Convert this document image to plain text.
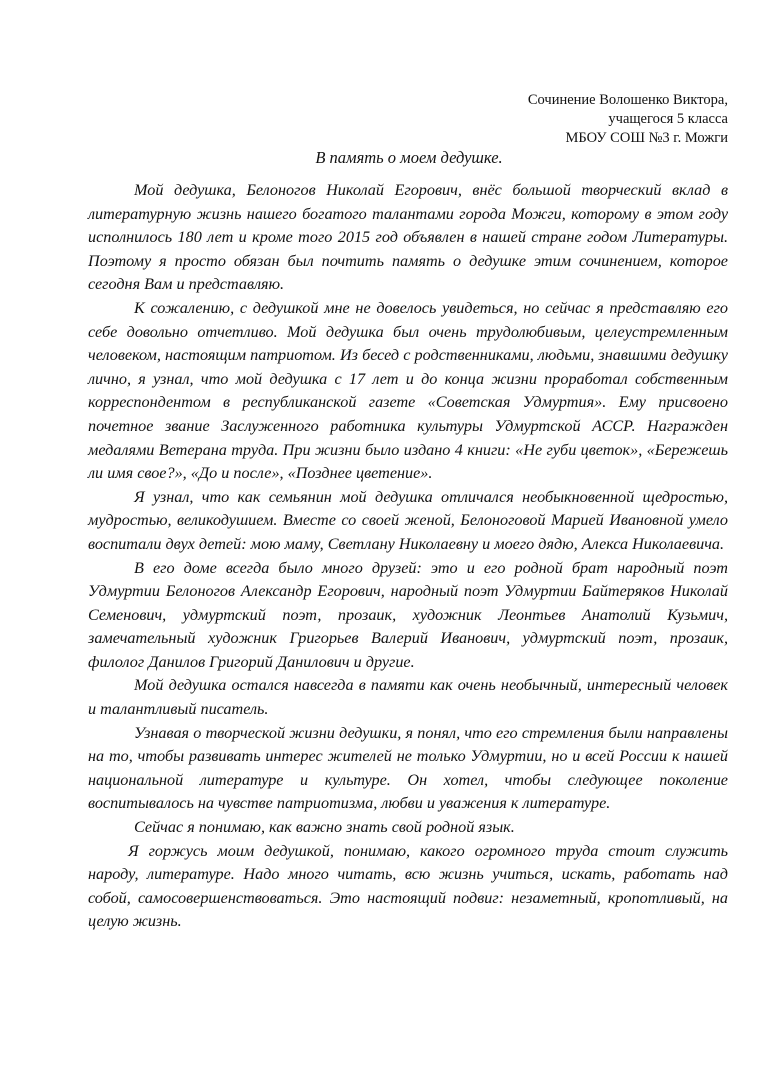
Сочинение Волошенко Виктора,
учащегося 5 класса
МБОУ СОШ №3 г. Можги
В память о моем дедушке.

Мой дедушка, Белоногов Николай Егорович, внёс большой творческий вклад в литературную жизнь нашего богатого талантами города Можги, которому в этом году исполнилось 180 лет и кроме того 2015 год объявлен в нашей стране годом Литературы. Поэтому я просто обязан был почтить память о дедушке этим сочинением, которое сегодня Вам и представляю.

К сожалению, с дедушкой мне не довелось увидеться, но сейчас я представляю его себе довольно отчетливо. Мой дедушка был очень трудолюбивым, целеустремленным человеком, настоящим патриотом. Из бесед с родственниками, людьми, знавшими дедушку лично, я узнал, что мой дедушка с 17 лет и до конца жизни проработал собственным корреспондентом в республиканской газете «Советская Удмуртия». Ему присвоено почетное звание Заслуженного работника культуры Удмуртской АССР. Награжден медалями Ветерана труда. При жизни было издано 4 книги: «Не губи цветок», «Бережешь ли имя свое?», «До и после», «Позднее цветение».

Я узнал, что как семьянин мой дедушка отличался необыкновенной щедростью, мудростью, великодушием. Вместе со своей женой, Белоноговой Марией Ивановной умело воспитали двух детей: мою маму, Светлану Николаевну и моего дядю, Алекса Николаевича.

В его доме всегда было много друзей: это и его родной брат народный поэт Удмуртии Белоногов Александр Егорович, народный поэт Удмуртии Байтеряков Николай Семенович, удмуртский поэт, прозаик, художник Леонтьев Анатолий Кузьмич, замечательный художник Григорьев Валерий Иванович, удмуртский поэт, прозаик, филолог Данилов Григорий Данилович и другие.

Мой дедушка остался навсегда в памяти как очень необычный, интересный человек и талантливый писатель.

Узнавая о творческой жизни дедушки, я понял, что его стремления были направлены на то, чтобы развивать интерес жителей не только Удмуртии, но и всей России к нашей национальной литературе и культуре. Он хотел, чтобы следующее поколение воспитывалось на чувстве патриотизма, любви и уважения к литературе.

Сейчас я понимаю, как важно знать свой родной язык.

Я горжусь моим дедушкой, понимаю, какого огромного труда стоит служить народу, литературе. Надо много читать, всю жизнь учиться, искать, работать над собой, самосовершенствоваться. Это настоящий подвиг: незаметный, кропотливый, на целую жизнь.
